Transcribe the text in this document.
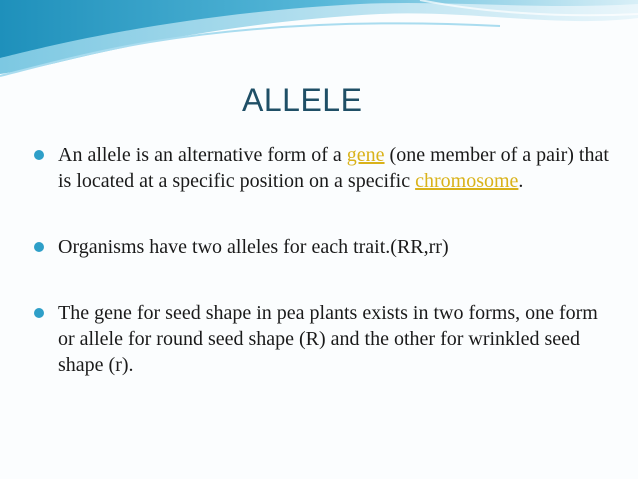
ALLELE
An allele is an alternative form of a gene (one member of a pair) that is located at a specific position on a specific chromosome.
Organisms have two alleles for each trait.(RR,rr)
The gene for seed shape in pea plants exists in two forms, one form or allele for round seed shape (R) and the other for wrinkled seed shape (r).
